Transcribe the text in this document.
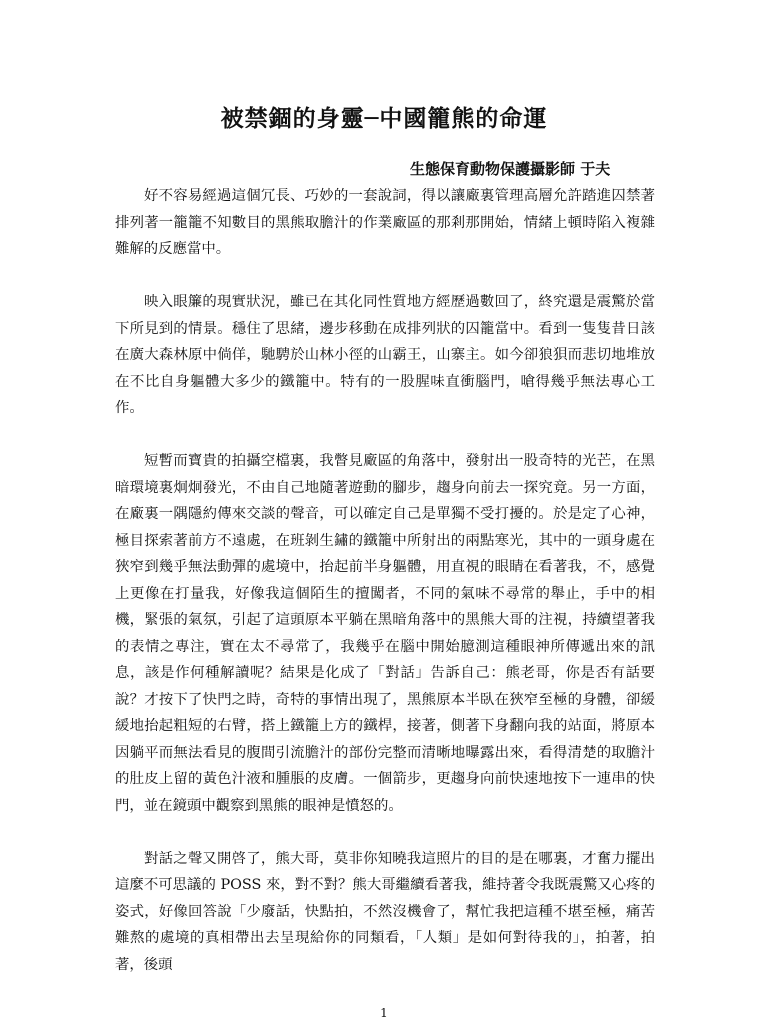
被禁錮的身靈─中國籠熊的命運
生態保育動物保護攝影師 于夫

好不容易經過這個冗長、巧妙的一套說詞，得以讓廠裏管理高層允許踏進囚禁著排列著一籠籠不知數目的黑熊取膽汁的作業廠區的那剎那開始，情緒上頓時陷入複雜難解的反應當中。

映入眼簾的現實狀況，雖已在其化同性質地方經歷過數回了，終究還是震驚於當下所見到的情景。穩住了思緒，邊步移動在成排列狀的囚籠當中。看到一隻隻昔日該在廣大森林原中倘佯，馳騁於山林小徑的山霸王，山寨主。如今卻狼狽而悲切地堆放在不比自身軀體大多少的鐵籠中。特有的一股腥味直衝腦門，嗆得幾乎無法專心工作。

短暫而寶貴的拍攝空檔裏，我瞥見廠區的角落中，發射出一股奇特的光芒，在黑暗環境裏炯炯發光，不由自己地隨著遊動的腳步，趨身向前去一探究竟。另一方面，在廠裏一隅隱約傳來交談的聲音，可以確定自己是單獨不受打擾的。於是定了心神，極目探索著前方不遠處，在班剝生鏽的鐵籠中所射出的兩點寒光，其中的一頭身處在狹窄到幾乎無法動彈的處境中，抬起前半身軀體，用直視的眼睛在看著我，不，感覺上更像在打量我，好像我這個陌生的擅闖者，不同的氣味不尋常的舉止，手中的相機，緊張的氣氛，引起了這頭原本平躺在黑暗角落中的黑熊大哥的注視，持續望著我的表情之專注，實在太不尋常了，我幾乎在腦中開始臆測這種眼神所傳遞出來的訊息，該是作何種解讀呢？結果是化成了「對話」告訴自己：熊老哥，你是否有話要說？才按下了快門之時，奇特的事情出現了，黑熊原本半臥在狹窄至極的身體，卻緩緩地抬起粗短的右臂，搭上鐵籠上方的鐵桿，接著，側著下身翻向我的站面，將原本因躺平而無法看見的腹間引流膽汁的部份完整而清晰地曝露出來，看得清楚的取膽汁的肚皮上留的黃色汁液和腫脹的皮膚。一個箭步，更趨身向前快速地按下一連串的快門，並在鏡頭中觀察到黑熊的眼神是憤怒的。

對話之聲又開啓了，熊大哥，莫非你知曉我這照片的目的是在哪裏，才奮力擺出這麼不可思議的 POSS 來，對不對？熊大哥繼續看著我，維持著令我既震驚又心疼的姿式，好像回答說「少廢話，快點拍，不然沒機會了，幫忙我把這種不堪至極，痛苦難熬的處境的真相帶出去呈現給你的同類看，「人類」是如何對待我的」，拍著，拍著，後頭

1
